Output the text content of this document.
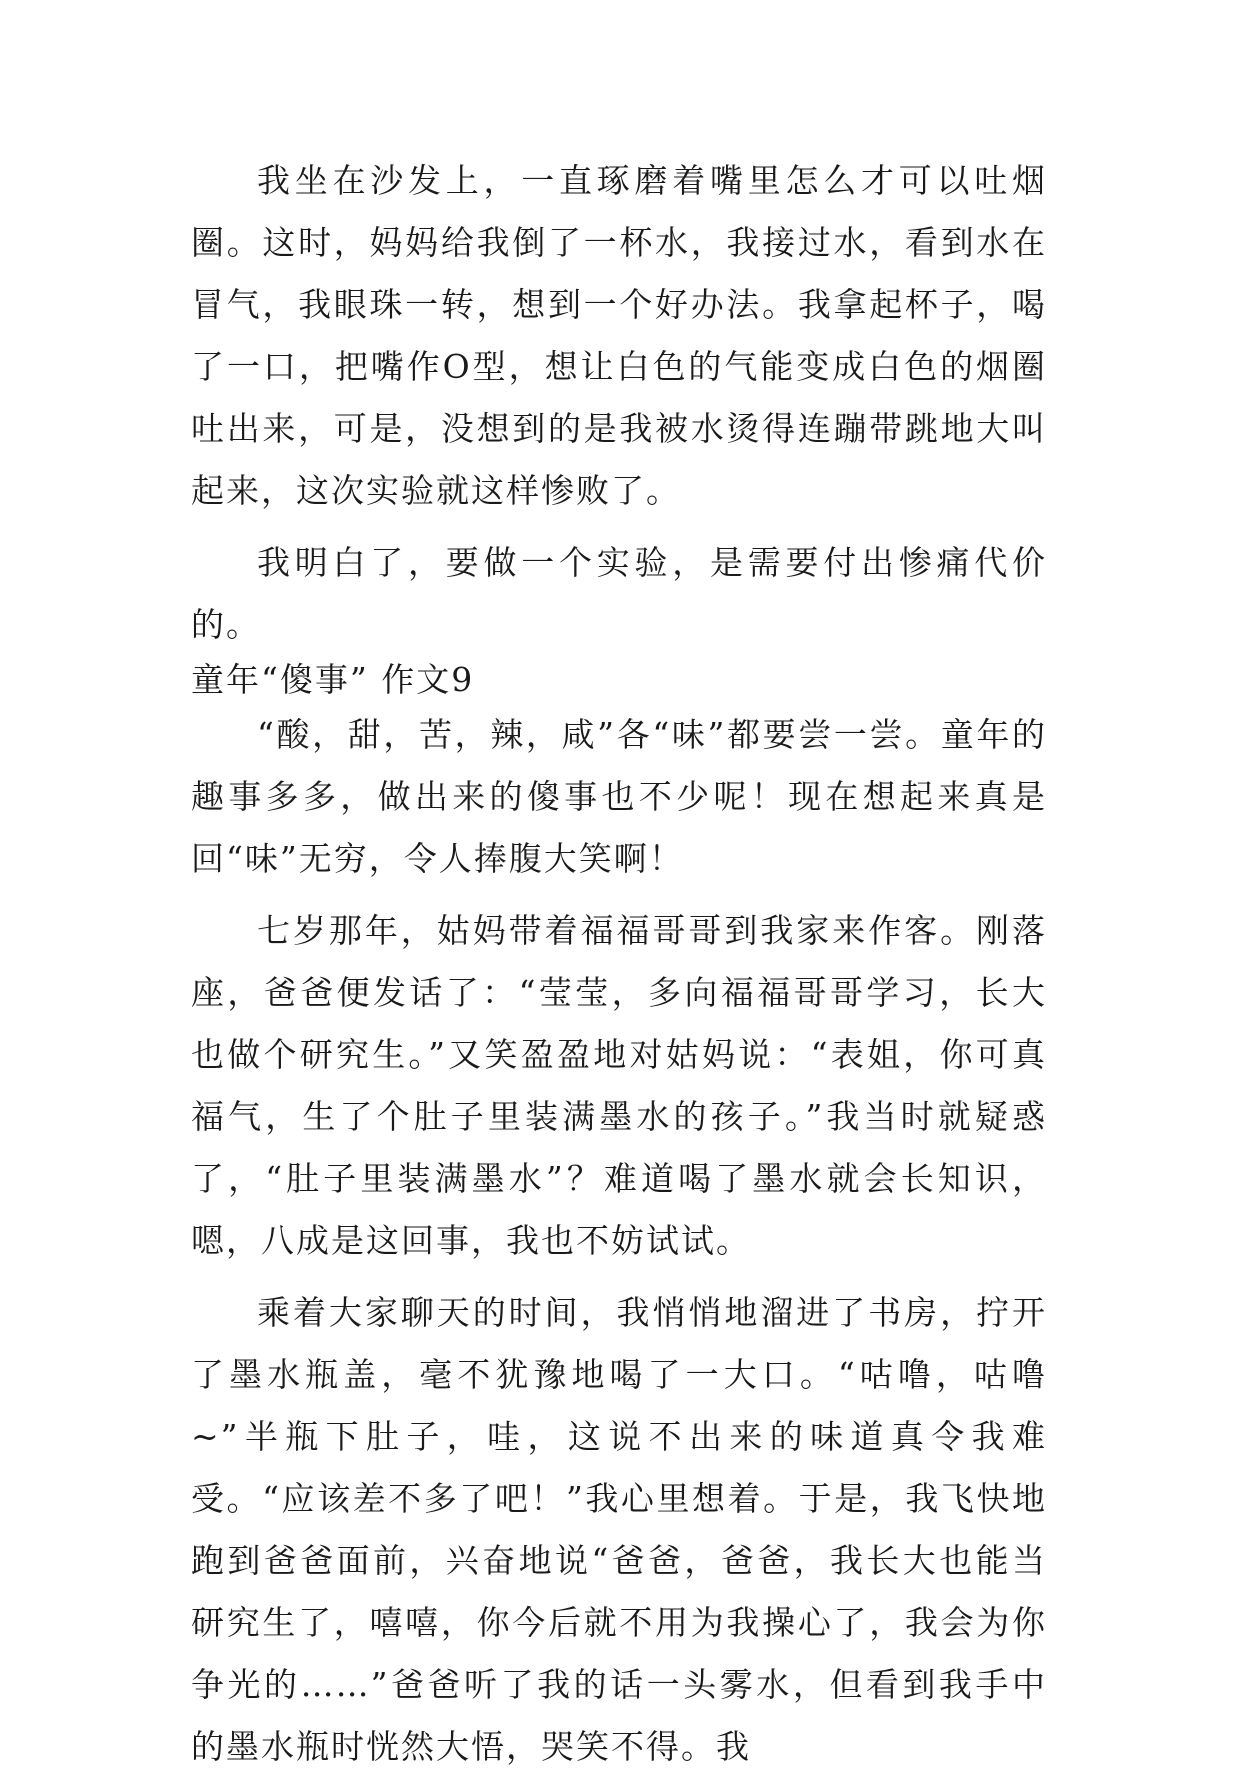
我坐在沙发上，一直琢磨着嘴里怎么才可以吐烟圈。这时，妈妈给我倒了一杯水，我接过水，看到水在冒气，我眼珠一转，想到一个好办法。我拿起杯子，喝了一口，把嘴作O型，想让白色的气能变成白色的烟圈吐出来，可是，没想到的是我被水烫得连蹦带跳地大叫起来，这次实验就这样惨败了。

我明白了，要做一个实验，是需要付出惨痛代价的。

童年“傻事” 作文9

“酸，甜，苦，辣，咸”各“味”都要尝一尝。童年的趣事多多，做出来的傻事也不少呢！现在想起来真是回“味”无穷，令人捧腹大笑啊！

七岁那年，姑妈带着福福哥哥到我家来作客。刚落座，爸爸便发话了：“莹莹，多向福福哥哥学习，长大也做个研究生。”又笑盈盈地对姑妈说：“表姐，你可真福气，生了个肚子里装满墨水的孩子。”我当时就疑惑了，“肚子里装满墨水”？难道喝了墨水就会长知识，嗯，八成是这回事，我也不妨试试。

乘着大家聊天的时间，我悄悄地溜进了书房，拧开了墨水瓶盖，毫不犹豫地喝了一大口。“咕噜，咕噜~”半瓶下肚子，哇，这说不出来的味道真令我难受。“应该差不多了吧！”我心里想着。于是，我飞快地跑到爸爸面前，兴奋地说“爸爸，爸爸，我长大也能当研究生了，嘻嘻，你今后就不用为我操心了，我会为你争光的……”爸爸听了我的话一头雾水，但看到我手中的墨水瓶时恍然大悟，哭笑不得。我
